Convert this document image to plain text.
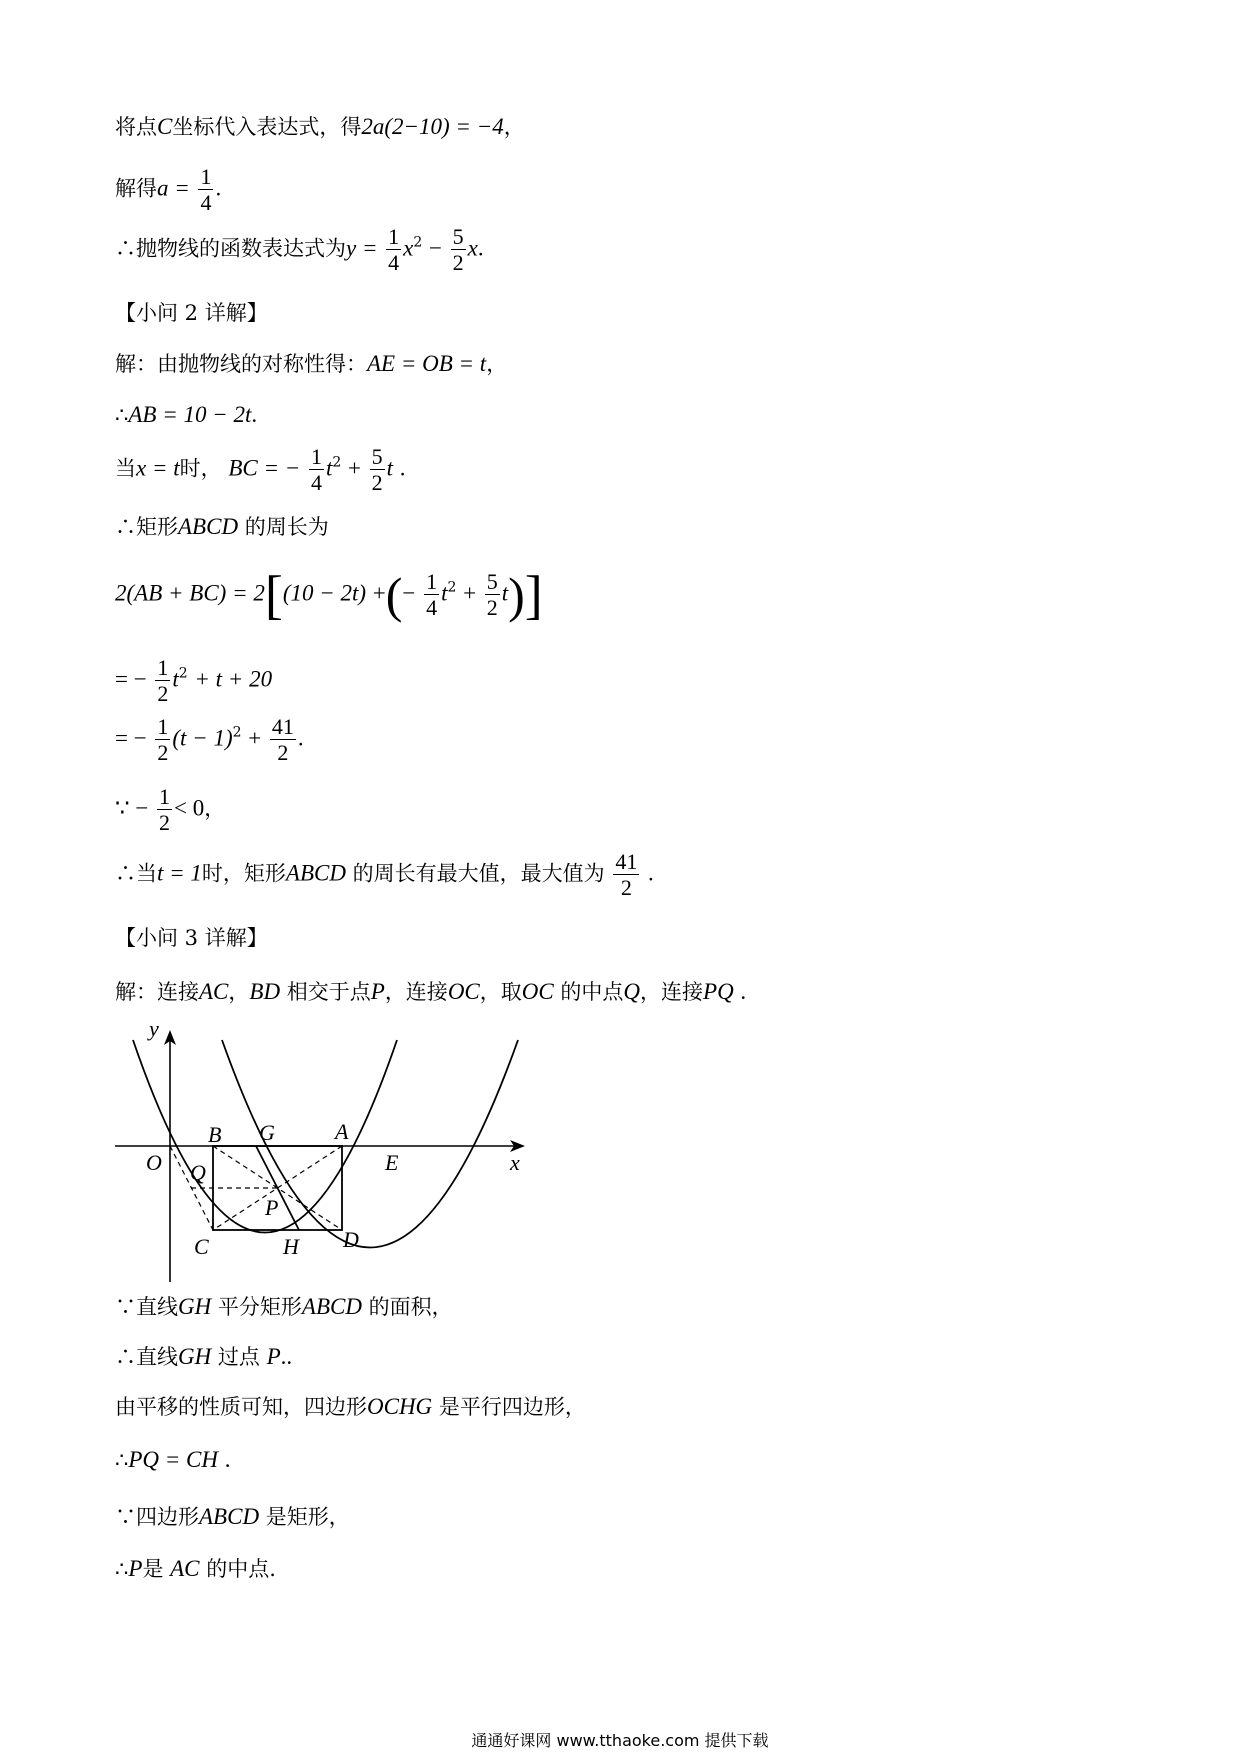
将点C坐标代入表达式，得2a(2−10) = −4，
解得$a = \frac{1}{4}$ .
∴抛物线的函数表达式为$y = \frac{1}{4} x^2 - \frac{5}{2} x$.
【小问 2 详解】
解：由抛物线的对称性得：AE = OB = t，
∴AB = 10 − 2t.
当x = t时， BC = − $\frac{1}{4} t^2 + \frac{5}{2}$ t .
∴矩形ABCD 的周长为
2(AB + BC) = 2[(10 − 2t) +(− $\frac{1}{4} t^2 + \frac{5}{2} t$)]
= − $\frac{1}{2} t^2 + t + 20$
= − $\frac{1}{2} (t - 1)^2 + \frac{41}{2}$ .
∵ − $\frac{1}{2} < 0$，
∴当t = 1时，矩形ABCD 的周长有最大值，最大值为 $\frac{41}{2}$ .
【小问 3 详解】
解：连接AC，BD 相交于点P，连接OC，取OC 的中点Q，连接PQ .
y
x
O
B G	A
E
Q
P
C	H D
∵直线GH 平分矩形ABCD 的面积，
∴直线GH 过点 P..
由平移的性质可知，四边形OCHG 是平行四边形，
∴PQ = CH .
∵四边形ABCD 是矩形，
∴P是 AC 的中点.
通通好课网 www.tthaoke.com 提供下载
